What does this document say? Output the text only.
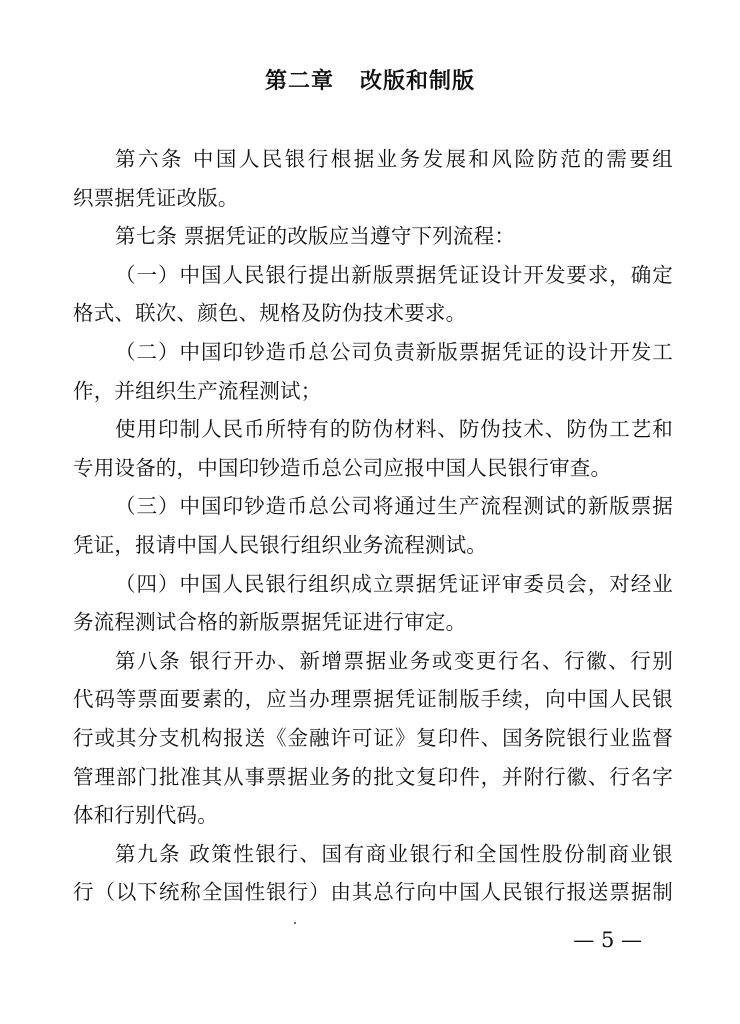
第二章   改版和制版
第六条 中国人民银行根据业务发展和风险防范的需要组
织票据凭证改版。
第七条 票据凭证的改版应当遵守下列流程：
（一）中国人民银行提出新版票据凭证设计开发要求，确定
格式、联次、颜色、规格及防伪技术要求。
（二）中国印钞造币总公司负责新版票据凭证的设计开发工
作，并组织生产流程测试；
使用印制人民币所特有的防伪材料、防伪技术、防伪工艺和
专用设备的，中国印钞造币总公司应报中国人民银行审查。
（三）中国印钞造币总公司将通过生产流程测试的新版票据
凭证，报请中国人民银行组织业务流程测试。
（四）中国人民银行组织成立票据凭证评审委员会，对经业
务流程测试合格的新版票据凭证进行审定。
第八条 银行开办、新增票据业务或变更行名、行徽、行别
代码等票面要素的，应当办理票据凭证制版手续，向中国人民银
行或其分支机构报送《金融许可证》复印件、国务院银行业监督
管理部门批准其从事票据业务的批文复印件，并附行徽、行名字
体和行别代码。
第九条 政策性银行、国有商业银行和全国性股份制商业银
行（以下统称全国性银行）由其总行向中国人民银行报送票据制
— 5 —
